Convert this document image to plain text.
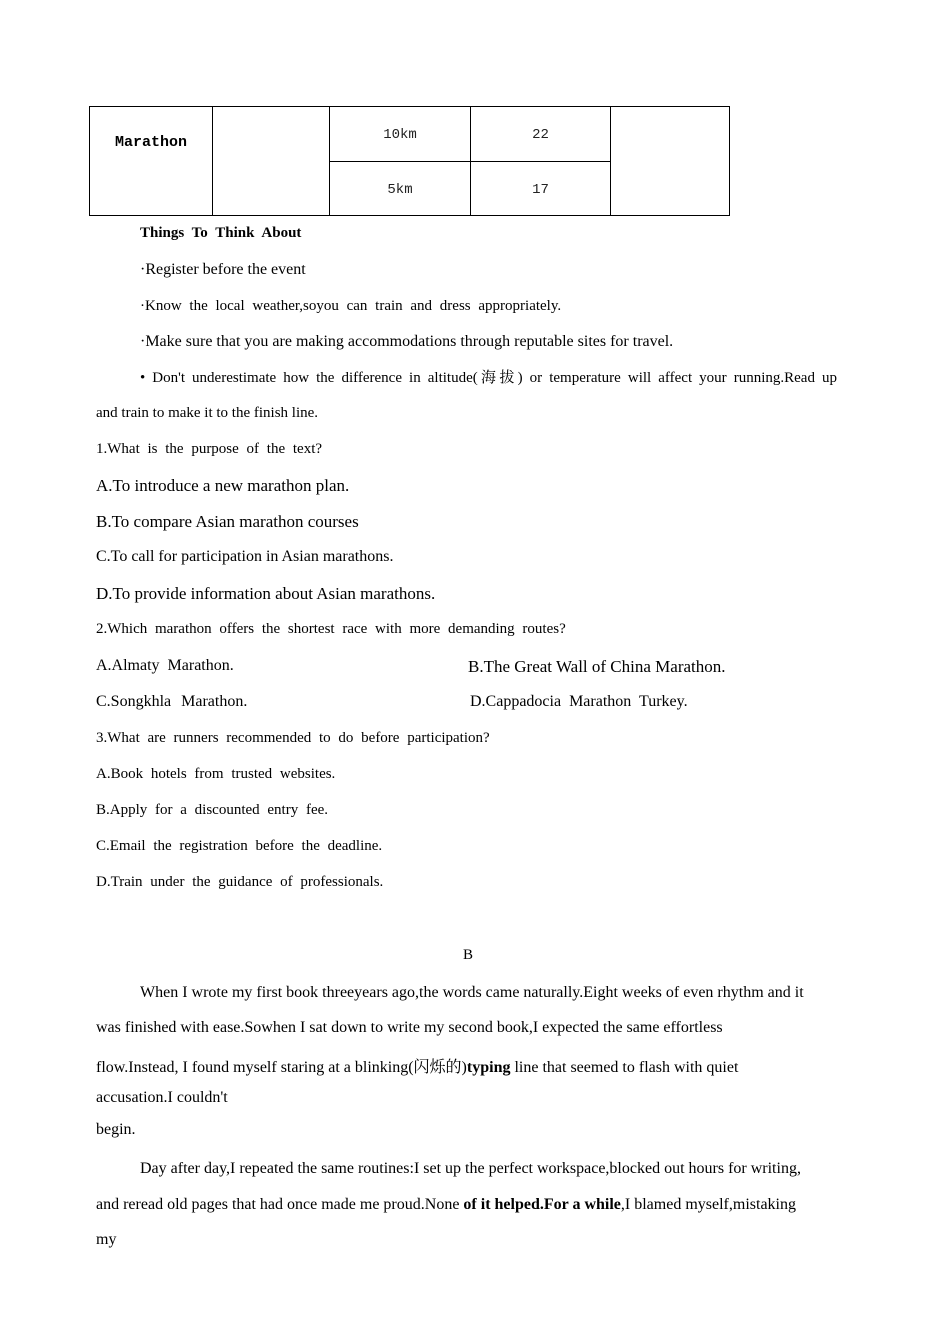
Marathon		10km	22	
		5km	17	
Things To Think About
·Register before the event
·Know the local weather,soyou can train and dress appropriately.
·Make sure that you are making accommodations through reputable sites for travel.
• Don't underestimate how the difference in altitude(海拔) or temperature will affect your running.Read up
and train to make it to the finish line.
1.What is the purpose of the text?
A.To introduce a new marathon plan.
B.To compare Asian marathon courses
C.To call for participation in Asian marathons.
D.To provide information about Asian marathons.
2.Which marathon offers the shortest race with more demanding routes?
A.Almaty Marathon.	B.The Great Wall of China Marathon.
C.Songkhla Marathon.	D.Cappadocia Marathon Turkey.
3.What are runners recommended to do before participation?
A.Book hotels from trusted websites.
B.Apply for a discounted entry fee.
C.Email the registration before the deadline.
D.Train under the guidance of professionals.
B
When I wrote my first book threeyears ago,the words came naturally.Eight weeks of even rhythm and it
was finished with ease.Sowhen I sat down to write my second book,I expected the same effortless
flow.Instead, I found myself staring at a blinking(闪烁的)typing line that seemed to flash with quiet
accusation.I couldn't
begin.
Day after day,I repeated the same routines:I set up the perfect workspace,blocked out hours for writing,
and reread old pages that had once made me proud.None of it helped.For a while,I blamed myself,mistaking
my
